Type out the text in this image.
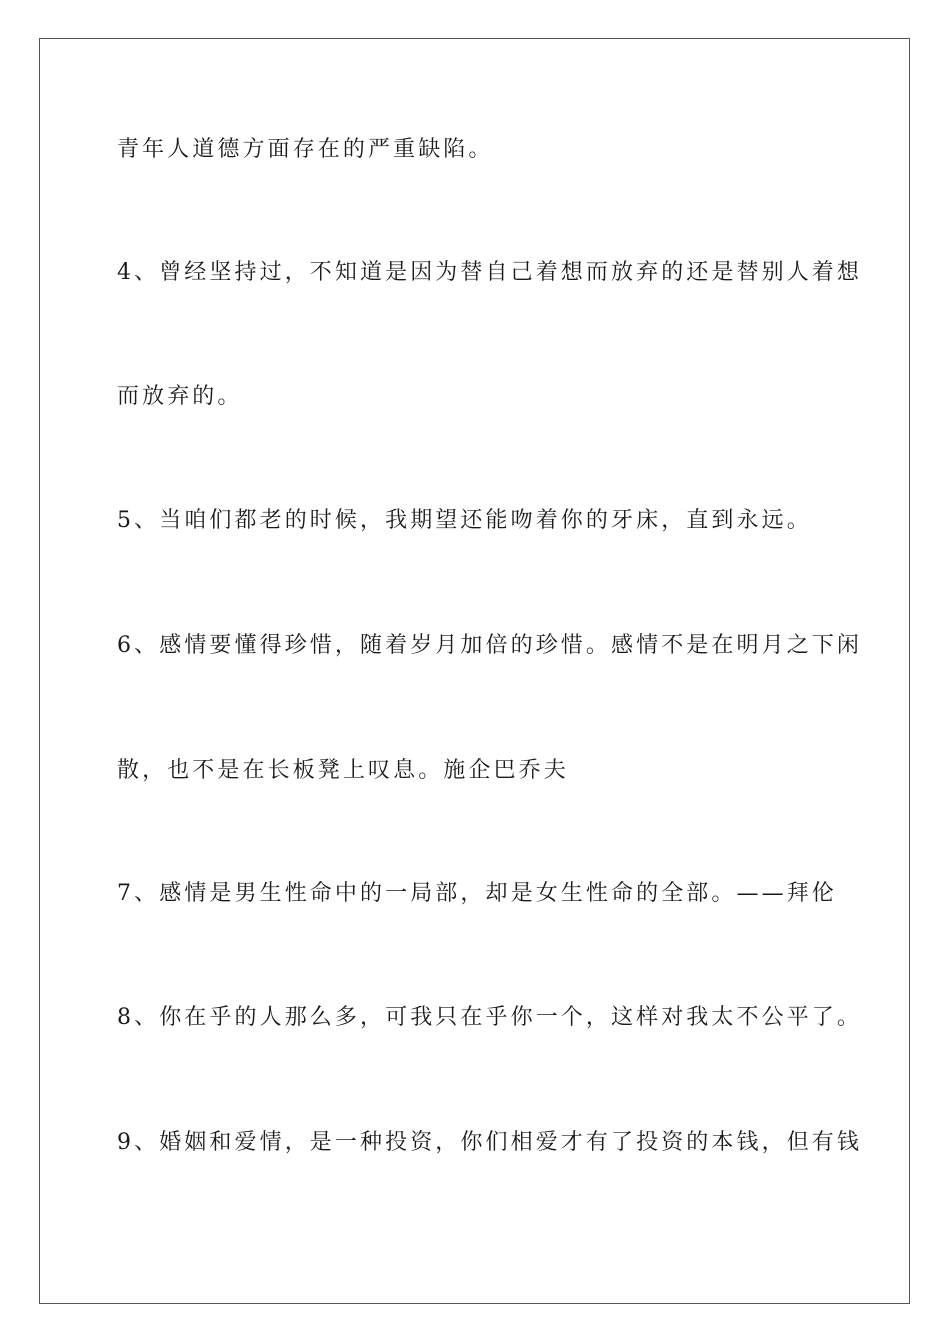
青年人道德方面存在的严重缺陷。

4、曾经坚持过，不知道是因为替自己着想而放弃的还是替别人着想

而放弃的。

5、当咱们都老的时候，我期望还能吻着你的牙床，直到永远。

6、感情要懂得珍惜，随着岁月加倍的珍惜。感情不是在明月之下闲

散，也不是在长板凳上叹息。施企巴乔夫

7、感情是男生性命中的一局部，却是女生性命的全部。——拜伦

8、你在乎的人那么多，可我只在乎你一个，这样对我太不公平了。

9、婚姻和爱情，是一种投资，你们相爱才有了投资的本钱，但有钱
